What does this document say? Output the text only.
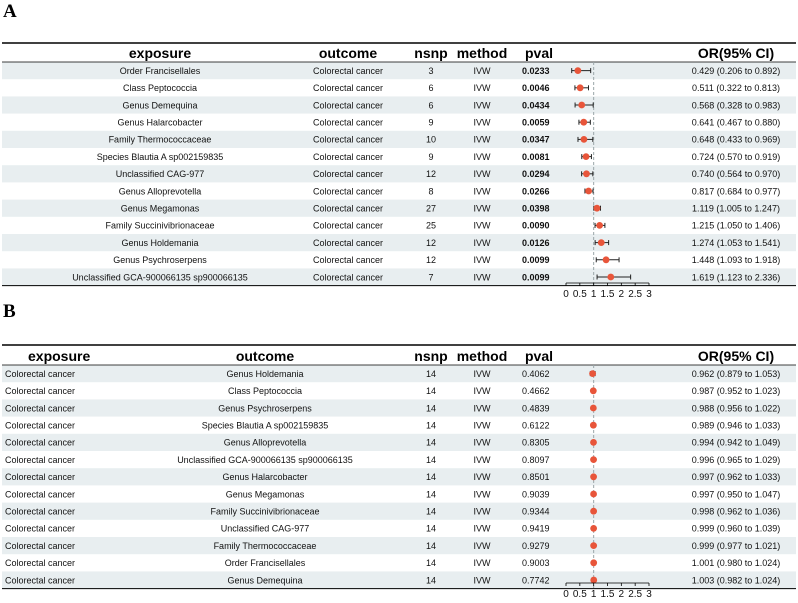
A
B
exposure	outcome	nsnp method pval	OR(95% CI)
Order Francisellales	Colorectal cancer	3	IVW	0.0233	0.429 (0.206 to 0.892)
Class Peptococcia	Colorectal cancer	6	IVW	0.0046	0.511 (0.322 to 0.813)
Genus Demequina	Colorectal cancer	6	IVW	0.0434	0.568 (0.328 to 0.983)
Genus Halarcobacter	Colorectal cancer	9	IVW	0.0059	0.641 (0.467 to 0.880)
Family Thermococcaceae	Colorectal cancer	10	IVW	0.0347	0.648 (0.433 to 0.969)
Species Blautia A sp002159835	Colorectal cancer	9	IVW	0.0081	0.724 (0.570 to 0.919)
Unclassified CAG-977	Colorectal cancer	12	IVW	0.0294	0.740 (0.564 to 0.970)
Genus Alloprevotella	Colorectal cancer	8	IVW	0.0266	0.817 (0.684 to 0.977)
Genus Megamonas	Colorectal cancer	27	IVW	0.0398	1.119 (1.005 to 1.247)
Family Succinivibrionaceae	Colorectal cancer	25	IVW	0.0090	1.215 (1.050 to 1.406)
Genus Holdemania	Colorectal cancer	12	IVW	0.0126	1.274 (1.053 to 1.541)
Genus Psychroserpens	Colorectal cancer	12	IVW	0.0099	1.448 (1.093 to 1.918)
Unclassified GCA-900066135 sp900066135	Colorectal cancer	7	IVW	0.0099	1.619 (1.123 to 2.336)
0 0.5 1 1.5 2 2.5 3
exposure	outcome	nsnp method pval	OR(95% CI)
Colorectal cancer	Genus Holdemania	14	IVW	0.4062	0.962 (0.879 to 1.053)
Colorectal cancer	Class Peptococcia	14	IVW	0.4662	0.987 (0.952 to 1.023)
Colorectal cancer	Genus Psychroserpens	14	IVW	0.4839	0.988 (0.956 to 1.022)
Colorectal cancer	Species Blautia A sp002159835	14	IVW	0.6122	0.989 (0.946 to 1.033)
Colorectal cancer	Genus Alloprevotella	14	IVW	0.8305	0.994 (0.942 to 1.049)
Colorectal cancer	Unclassified GCA-900066135 sp900066135	14	IVW	0.8097	0.996 (0.965 to 1.029)
Colorectal cancer	Genus Halarcobacter	14	IVW	0.8501	0.997 (0.962 to 1.033)
Colorectal cancer	Genus Megamonas	14	IVW	0.9039	0.997 (0.950 to 1.047)
Colorectal cancer	Family Succinivibrionaceae	14	IVW	0.9344	0.998 (0.962 to 1.036)
Colorectal cancer	Unclassified CAG-977	14	IVW	0.9419	0.999 (0.960 to 1.039)
Colorectal cancer	Family Thermococcaceae	14	IVW	0.9279	0.999 (0.977 to 1.021)
Colorectal cancer	Order Francisellales	14	IVW	0.9003	1.001 (0.980 to 1.024)
Colorectal cancer	Genus Demequina	14	IVW	0.7742	1.003 (0.982 to 1.024)
0 0.5 1 1.5 2 2.5 3
